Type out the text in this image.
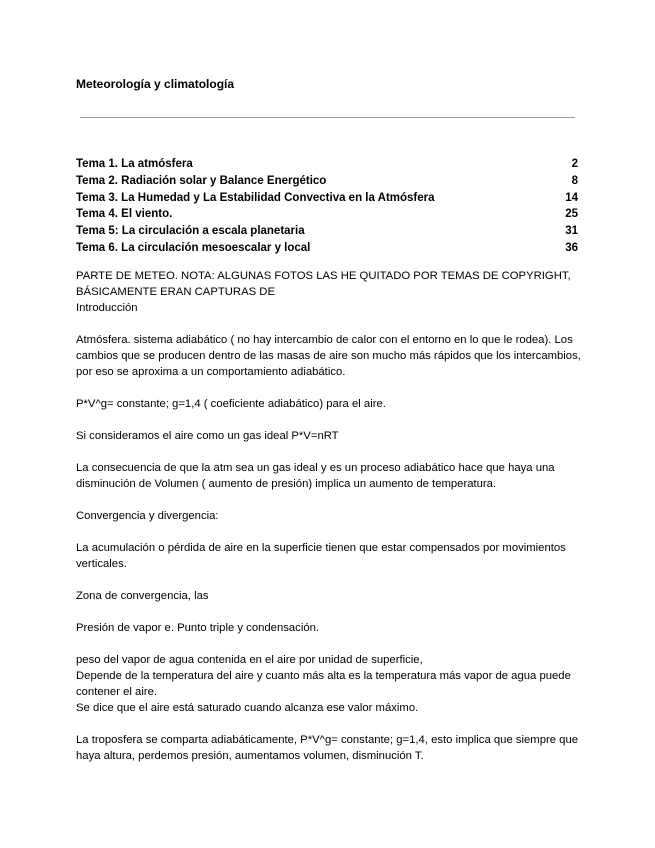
Meteorología y climatología
Tema 1. La atmósfera	2
Tema 2. Radiación solar y Balance Energético	8
Tema 3. La Humedad y La Estabilidad Convectiva en la Atmósfera	14
Tema 4. El viento.	25
Tema 5: La circulación a escala planetaria	31
Tema 6. La circulación mesoescalar y local	36

PARTE DE METEO. NOTA: ALGUNAS FOTOS LAS HE QUITADO POR TEMAS DE COPYRIGHT, BÁSICAMENTE ERAN CAPTURAS DE

Introducción

Atmósfera. sistema adiabático ( no hay intercambio de calor con el entorno en lo que le rodea). Los cambios que se producen dentro de las masas de aire son mucho más rápidos que los intercambios, por eso se aproxima a un comportamiento adiabático.

P*V^g= constante; g=1,4 ( coeficiente adiabático) para el aire.

Si consideramos el aire como un gas ideal P*V=nRT

La consecuencia de que la atm sea un gas ideal y es un proceso adiabático hace que haya una disminución de Volumen ( aumento de presión) implica un aumento de temperatura.

Convergencia y divergencia:

La acumulación o pérdida de aire en la superficie tienen que estar compensados por movimientos verticales.

Zona de convergencia, las

Presión de vapor e. Punto triple y condensación.

peso del vapor de agua contenida en el aire por unidad de superficie,

Depende de la temperatura del aire y cuanto más alta es la temperatura más vapor de agua puede contener el aire.

Se dice que el aire está saturado cuando alcanza ese valor máximo.

La troposfera se comparta adiabáticamente, P*V^g= constante; g=1,4, esto implica que siempre que haya altura, perdemos presión, aumentamos volumen, disminución T.
